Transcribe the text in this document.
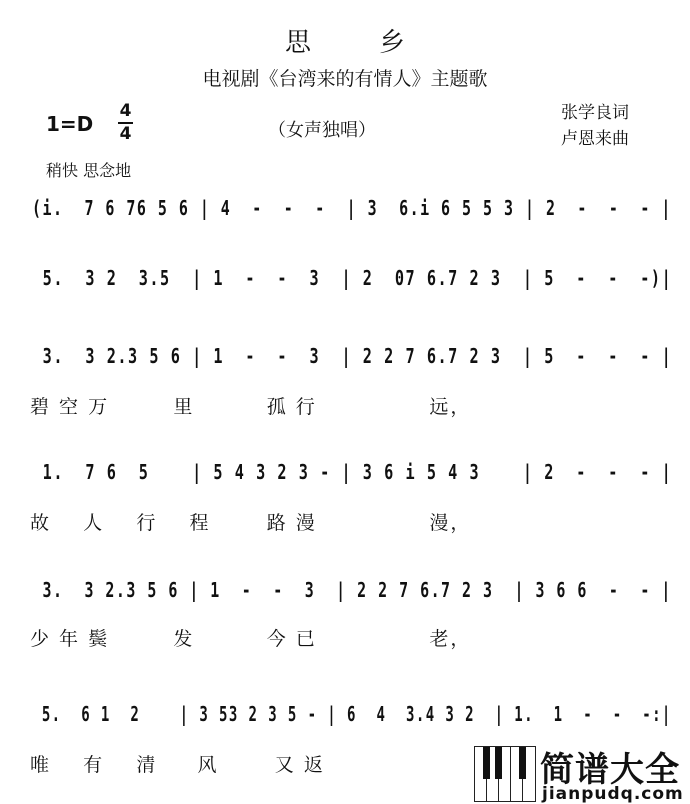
思乡
电视剧《台湾来的有情人》主题歌
1=D
4
4	（女声独唱）
张学良词
卢恩来曲
稍快 思念地
(i.  7 6 76 5 6 | 4  -  -  -  | 3  6.i 6 5 5 3 | 2  -  -  - |
5.  3 2  3.5  | 1  -  -  3  | 2  07 6.7 2 3  | 5  -  -  -)|
3.  3 2.3 5 6 | 1  -  -  3  | 2 2 7 6.7 2 3  | 5  -  -  - |
碧 空 万        里         孤 行              远，
1.  7 6  5    | 5 4 3 2 3 - | 3 6 i 5 4 3    | 2  -  -  - |
故    人    行    程       路 漫              漫，
3.  3 2.3 5 6 | 1  -  -  3  | 2 2 7 6.7 2 3  | 3 6 6  -  - |
少 年 鬓        发         今 已              老，
5.  6 1  2    | 3 53 2 3 5 - | 6  4  3.4 3 2  | 1.  1  -  -  -:|
唯    有    清     风       又 返	简谱大全
jianpudq.com
